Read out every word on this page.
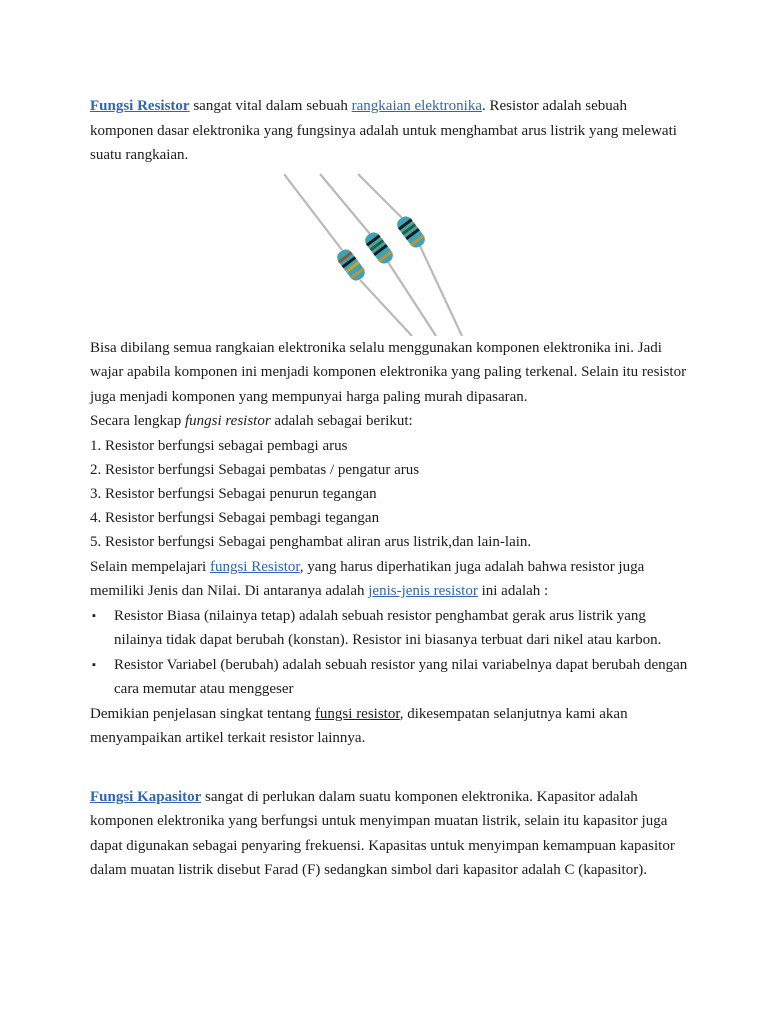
Fungsi Resistor sangat vital dalam sebuah rangkaian elektronika. Resistor adalah sebuah komponen dasar elektronika yang fungsinya adalah untuk menghambat arus listrik yang melewati suatu rangkaian.

Bisa dibilang semua rangkaian elektronika selalu menggunakan komponen elektronika ini. Jadi wajar apabila komponen ini menjadi komponen elektronika yang paling terkenal. Selain itu resistor juga menjadi komponen yang mempunyai harga paling murah dipasaran.

Secara lengkap fungsi resistor adalah sebagai berikut:

1. Resistor berfungsi sebagai pembagi arus
2. Resistor berfungsi Sebagai pembatas / pengatur arus
3. Resistor berfungsi Sebagai penurun tegangan
4. Resistor berfungsi Sebagai pembagi tegangan
5. Resistor berfungsi Sebagai penghambat aliran arus listrik,dan lain-lain.

Selain mempelajari fungsi Resistor, yang harus diperhatikan juga adalah bahwa resistor juga memiliki Jenis dan Nilai. Di antaranya adalah jenis-jenis resistor ini adalah :

▪ Resistor Biasa (nilainya tetap) adalah sebuah resistor penghambat gerak arus listrik yang nilainya tidak dapat berubah (konstan). Resistor ini biasanya terbuat dari nikel atau karbon.
▪ Resistor Variabel (berubah) adalah sebuah resistor yang nilai variabelnya dapat berubah dengan cara memutar atau menggeser

Demikian penjelasan singkat tentang fungsi resistor, dikesempatan selanjutnya kami akan menyampaikan artikel terkait resistor lainnya.

Fungsi Kapasitor sangat di perlukan dalam suatu komponen elektronika. Kapasitor adalah komponen elektronika yang berfungsi untuk menyimpan muatan listrik, selain itu kapasitor juga dapat digunakan sebagai penyaring frekuensi. Kapasitas untuk menyimpan kemampuan kapasitor dalam muatan listrik disebut Farad (F) sedangkan simbol dari kapasitor adalah C (kapasitor).
